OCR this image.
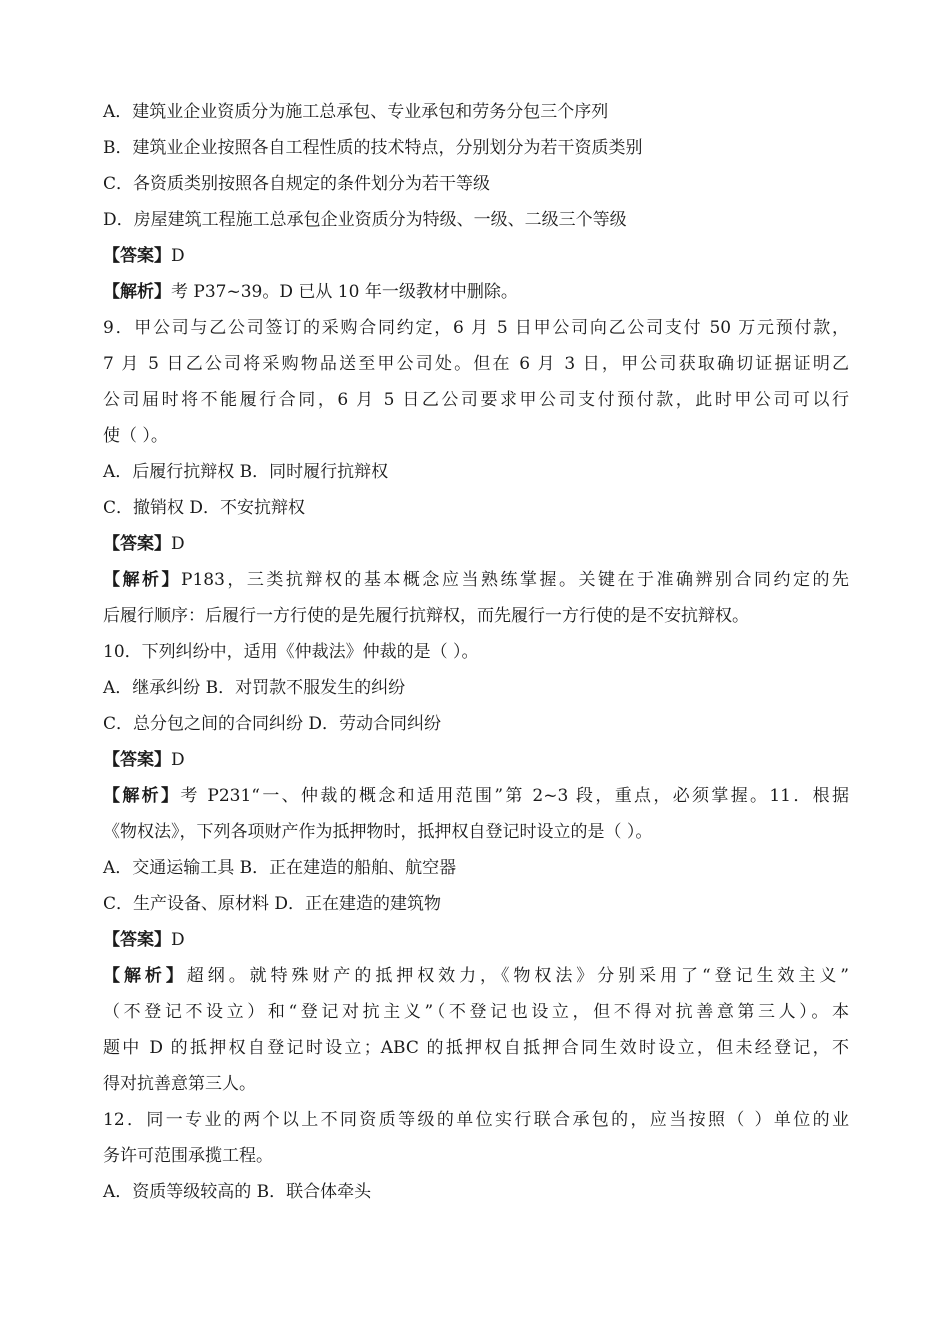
A．建筑业企业资质分为施工总承包、专业承包和劳务分包三个序列
B．建筑业企业按照各自工程性质的技术特点，分别划分为若干资质类别
C．各资质类别按照各自规定的条件划分为若干等级
D．房屋建筑工程施工总承包企业资质分为特级、一级、二级三个等级
【答案】D
【解析】考 P37~39。D 已从 10 年一级教材中删除。
9．甲公司与乙公司签订的采购合同约定，6 月 5 日甲公司向乙公司支付 50 万元预付款，
7 月 5 日乙公司将采购物品送至甲公司处。但在 6 月 3 日，甲公司获取确切证据证明乙
公司届时将不能履行合同，6 月 5 日乙公司要求甲公司支付预付款，此时甲公司可以行
使（ ）。
A．后履行抗辩权 B．同时履行抗辩权
C．撤销权 D．不安抗辩权
【答案】D
【解析】P183，三类抗辩权的基本概念应当熟练掌握。关键在于准确辨别合同约定的先
后履行顺序：后履行一方行使的是先履行抗辩权，而先履行一方行使的是不安抗辩权。
10．下列纠纷中，适用《仲裁法》仲裁的是（ ）。
A．继承纠纷 B．对罚款不服发生的纠纷
C．总分包之间的合同纠纷 D．劳动合同纠纷
【答案】D
【解析】考 P231“一、仲裁的概念和适用范围”第 2~3 段，重点，必须掌握。11．根据
《物权法》，下列各项财产作为抵押物时，抵押权自登记时设立的是（ ）。
A．交通运输工具 B．正在建造的船舶、航空器
C．生产设备、原材料 D．正在建造的建筑物
【答案】D
【解析】超纲。就特殊财产的抵押权效力，《物权法》分别采用了“登记生效主义”
（不登记不设立）和“登记对抗主义”（不登记也设立，但不得对抗善意第三人）。本
题中 D 的抵押权自登记时设立；ABC 的抵押权自抵押合同生效时设立，但未经登记，不
得对抗善意第三人。
12．同一专业的两个以上不同资质等级的单位实行联合承包的，应当按照（ ）单位的业
务许可范围承揽工程。
A．资质等级较高的 B．联合体牵头
